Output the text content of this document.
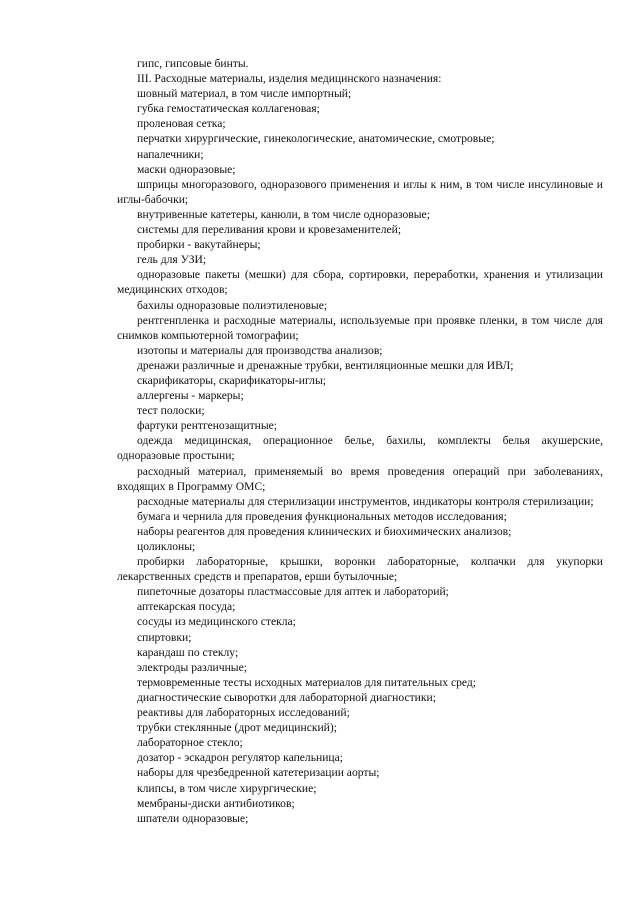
гипс, гипсовые бинты.

III. Расходные материалы, изделия медицинского назначения:

шовный материал, в том числе импортный;

губка гемостатическая коллагеновая;

проленовая сетка;

перчатки хирургические, гинекологические, анатомические, смотровые;

напалечники;

маски одноразовые;

шприцы многоразового, одноразового применения и иглы к ним, в том числе инсулиновые и иглы-бабочки;

внутривенные катетеры, канюли, в том числе одноразовые;

системы для переливания крови и кровезаменителей;

пробирки - вакутайнеры;

гель для УЗИ;

одноразовые пакеты (мешки) для сбора, сортировки, переработки, хранения и утилизации медицинских отходов;

бахилы одноразовые полиэтиленовые;

рентгенпленка и расходные материалы, используемые при проявке пленки, в том числе для снимков компьютерной томографии;

изотопы и материалы для производства анализов;

дренажи различные и дренажные трубки, вентиляционные мешки для ИВЛ;

скарификаторы, скарификаторы-иглы;

аллергены - маркеры;

тест полоски;

фартуки рентгенозащитные;

одежда медицинская, операционное белье, бахилы, комплекты белья акушерские, одноразовые простыни;

расходный материал, применяемый во время проведения операций при заболеваниях, входящих в Программу ОМС;

расходные материалы для стерилизации инструментов, индикаторы контроля стерилизации;

бумага и чернила для проведения функциональных методов исследования;

наборы реагентов для проведения клинических и биохимических анализов;

цоликлоны;

пробирки лабораторные, крышки, воронки лабораторные, колпачки для укупорки лекарственных средств и препаратов, ерши бутылочные;

пипеточные дозаторы пластмассовые для аптек и лабораторий;

аптекарская посуда;

сосуды из медицинского стекла;

спиртовки;

карандаш по стеклу;

электроды различные;

термовременные тесты исходных материалов для питательных сред;

диагностические сыворотки для лабораторной диагностики;

реактивы для лабораторных исследований;

трубки стеклянные (дрот медицинский);

лабораторное стекло;

дозатор - эскадрон регулятор капельница;

наборы для чрезбедренной катетеризации аорты;

клипсы, в том числе хирургические;

мембраны-диски антибиотиков;

шпатели одноразовые;
